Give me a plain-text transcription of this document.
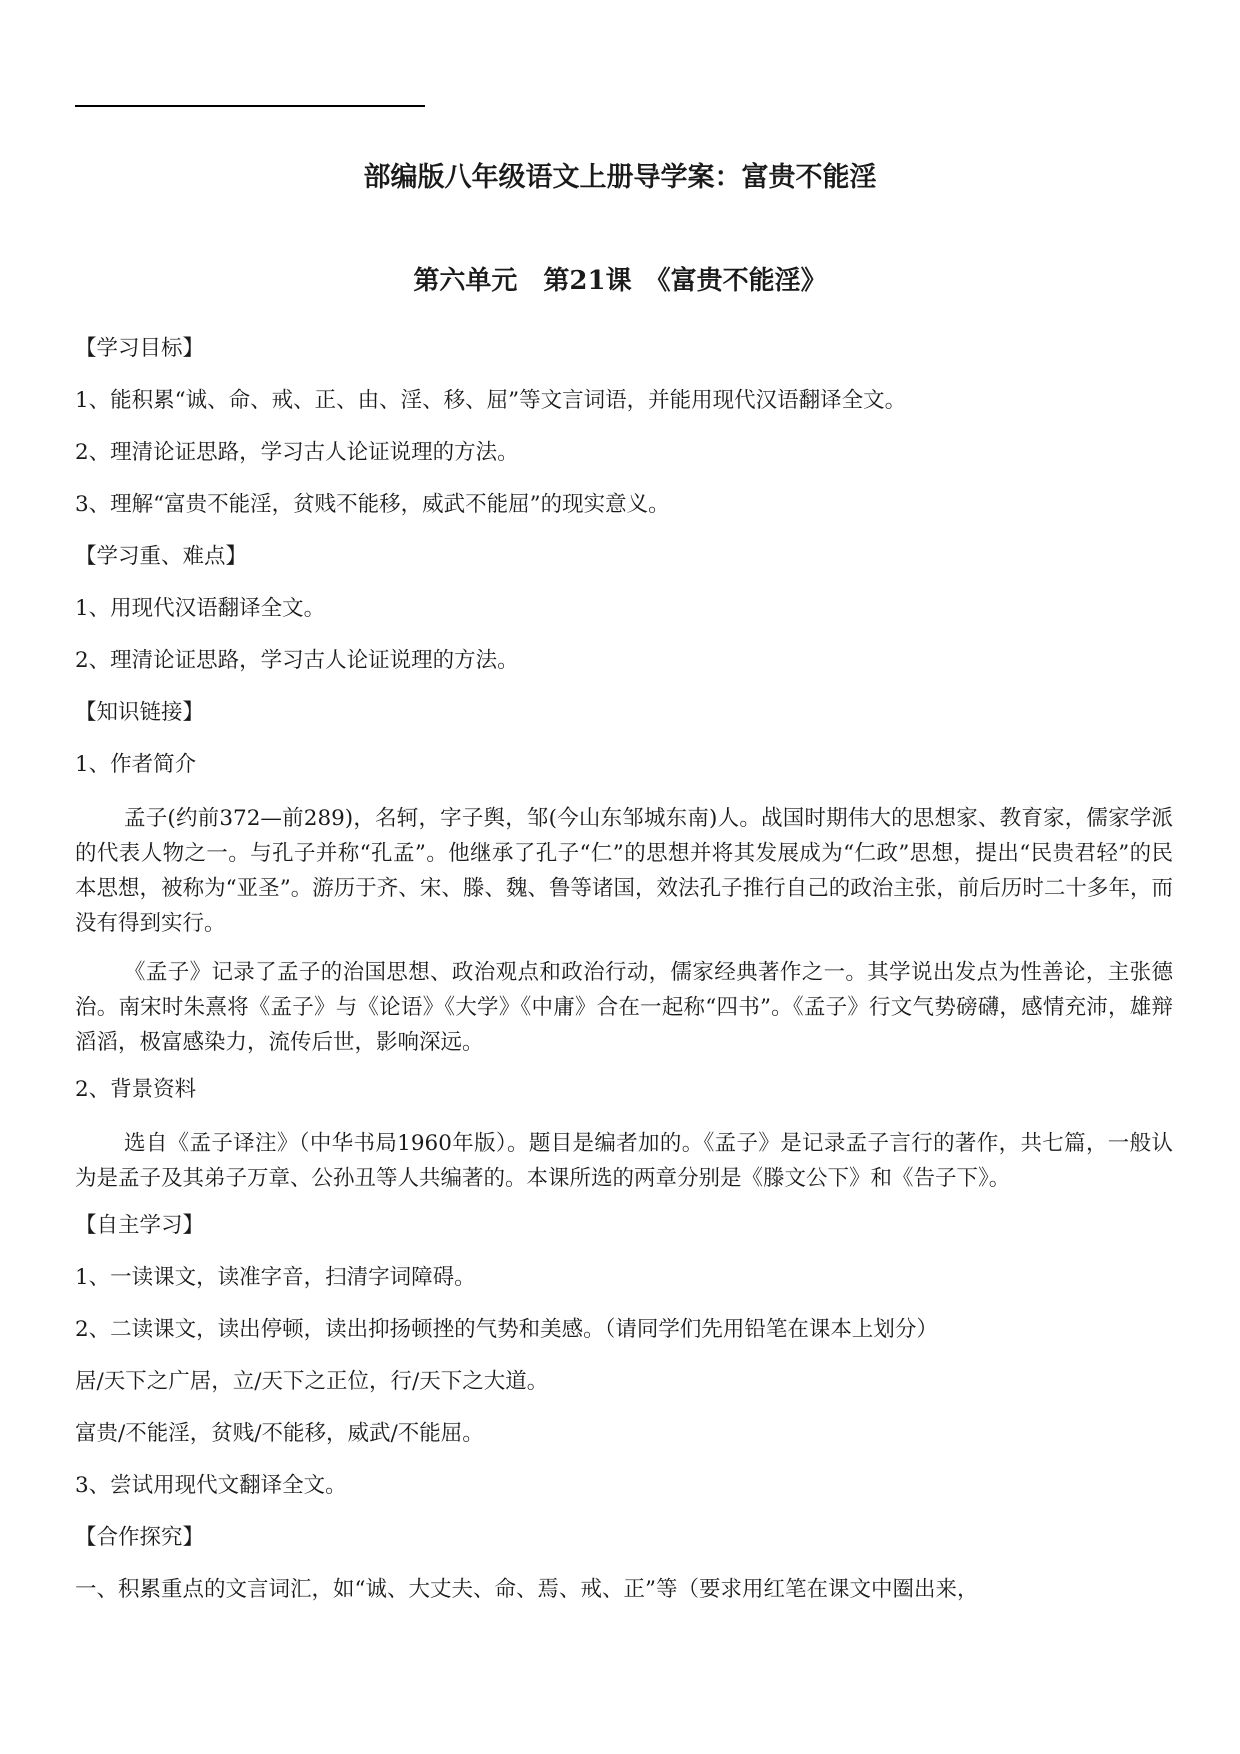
部编版八年级语文上册导学案：富贵不能淫
第六单元　第21课　《富贵不能淫》

【学习目标】

1、能积累“诚、命、戒、正、由、淫、移、屈”等文言词语，并能用现代汉语翻译全文。

2、理清论证思路，学习古人论证说理的方法。

3、理解“富贵不能淫，贫贱不能移，威武不能屈”的现实意义。

【学习重、难点】

1、用现代汉语翻译全文。

2、理清论证思路，学习古人论证说理的方法。

【知识链接】

1、作者简介

孟子(约前372—前289)，名轲，字子舆，邹(今山东邹城东南)人。战国时期伟大的思想家、教育家，儒家学派的代表人物之一。与孔子并称“孔孟”。他继承了孔子“仁”的思想并将其发展成为“仁政”思想，提出“民贵君轻”的民本思想，被称为“亚圣”。游历于齐、宋、滕、魏、鲁等诸国，效法孔子推行自己的政治主张，前后历时二十多年，而没有得到实行。

《孟子》记录了孟子的治国思想、政治观点和政治行动，儒家经典著作之一。其学说出发点为性善论，主张德治。南宋时朱熹将《孟子》与《论语》《大学》《中庸》合在一起称“四书”。《孟子》行文气势磅礴，感情充沛，雄辩滔滔，极富感染力，流传后世，影响深远。

2、背景资料

选自《孟子译注》（中华书局1960年版）。题目是编者加的。《孟子》是记录孟子言行的著作，共七篇，一般认为是孟子及其弟子万章、公孙丑等人共编著的。本课所选的两章分别是《滕文公下》和《告子下》。

【自主学习】

1、一读课文，读准字音，扫清字词障碍。

2、二读课文，读出停顿，读出抑扬顿挫的气势和美感。（请同学们先用铅笔在课本上划分）

居/天下之广居，立/天下之正位，行/天下之大道。

富贵/不能淫，贫贱/不能移，威武/不能屈。

3、尝试用现代文翻译全文。

【合作探究】

一、积累重点的文言词汇，如“诚、大丈夫、命、焉、戒、正”等（要求用红笔在课文中圈出来，
